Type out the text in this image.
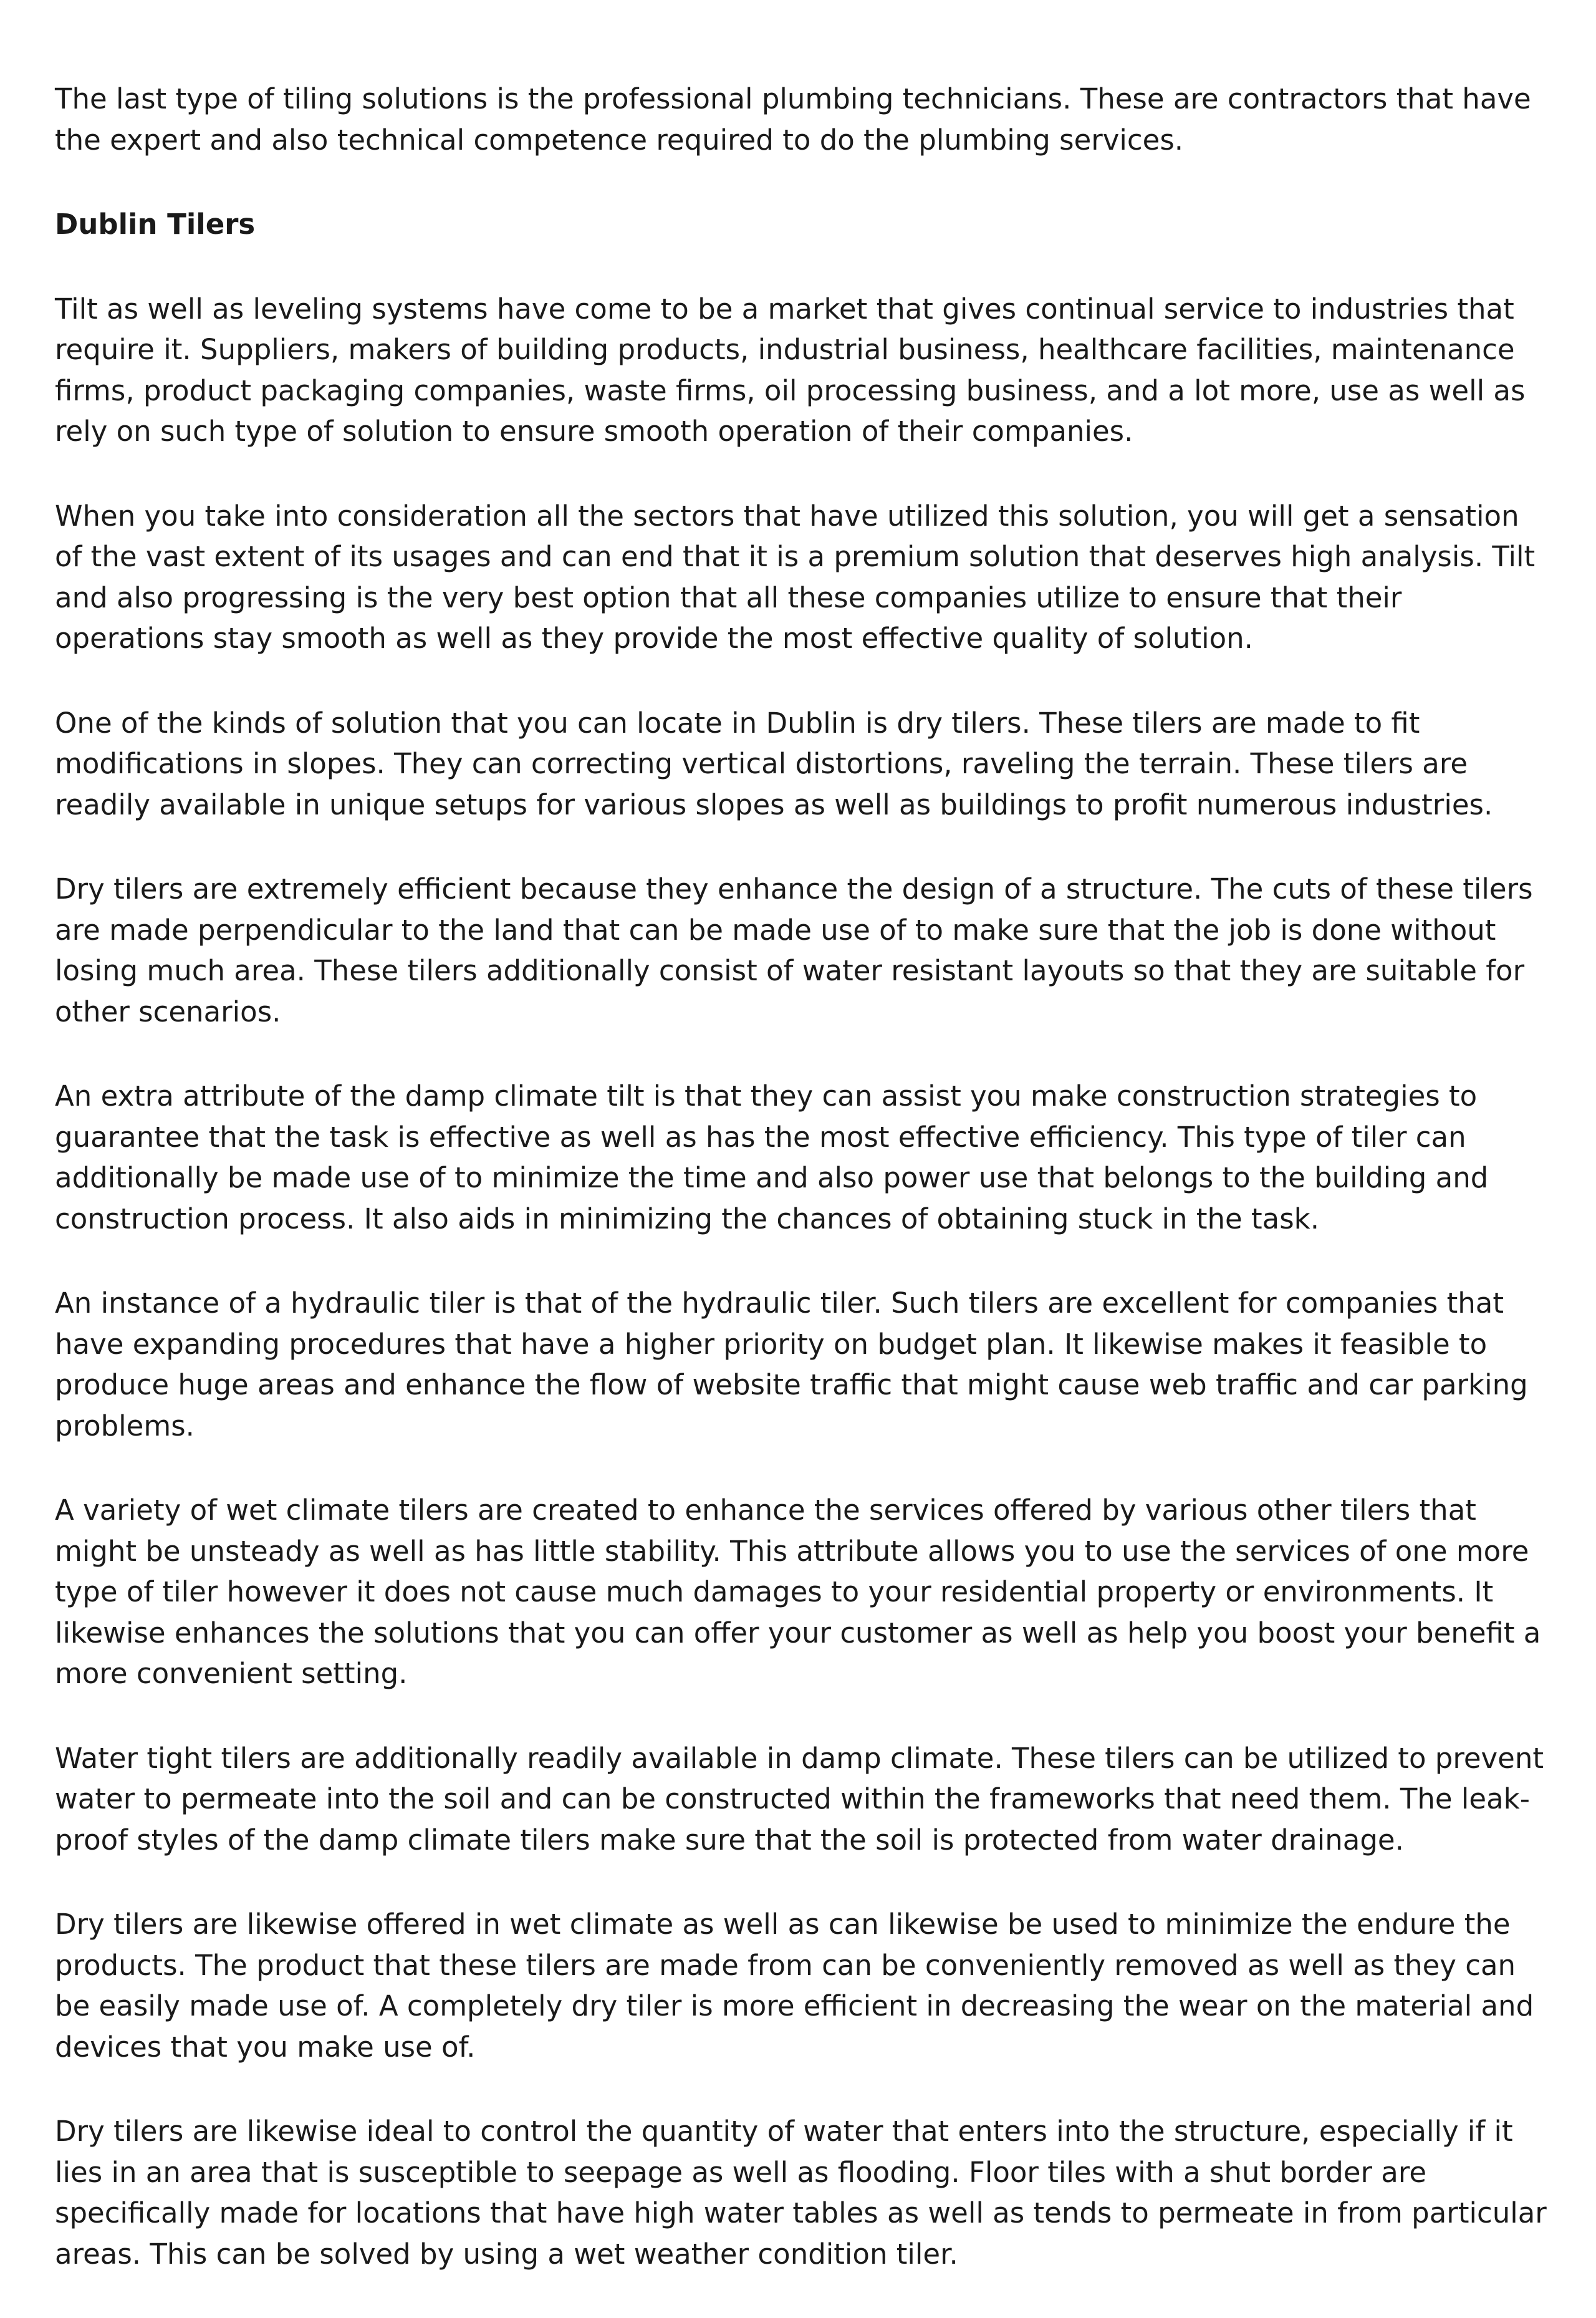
The last type of tiling solutions is the professional plumbing technicians. These are contractors that have the expert and also technical competence required to do the plumbing services.

Dublin Tilers

Tilt as well as leveling systems have come to be a market that gives continual service to industries that require it. Suppliers, makers of building products, industrial business, healthcare facilities, maintenance firms, product packaging companies, waste firms, oil processing business, and a lot more, use as well as rely on such type of solution to ensure smooth operation of their companies.

When you take into consideration all the sectors that have utilized this solution, you will get a sensation of the vast extent of its usages and can end that it is a premium solution that deserves high analysis. Tilt and also progressing is the very best option that all these companies utilize to ensure that their operations stay smooth as well as they provide the most effective quality of solution.

One of the kinds of solution that you can locate in Dublin is dry tilers. These tilers are made to fit modifications in slopes. They can correcting vertical distortions, raveling the terrain. These tilers are readily available in unique setups for various slopes as well as buildings to profit numerous industries.

Dry tilers are extremely efficient because they enhance the design of a structure. The cuts of these tilers are made perpendicular to the land that can be made use of to make sure that the job is done without losing much area. These tilers additionally consist of water resistant layouts so that they are suitable for other scenarios.

An extra attribute of the damp climate tilt is that they can assist you make construction strategies to guarantee that the task is effective as well as has the most effective efficiency. This type of tiler can additionally be made use of to minimize the time and also power use that belongs to the building and construction process. It also aids in minimizing the chances of obtaining stuck in the task.

An instance of a hydraulic tiler is that of the hydraulic tiler. Such tilers are excellent for companies that have expanding procedures that have a higher priority on budget plan. It likewise makes it feasible to produce huge areas and enhance the flow of website traffic that might cause web traffic and car parking problems.

A variety of wet climate tilers are created to enhance the services offered by various other tilers that might be unsteady as well as has little stability. This attribute allows you to use the services of one more type of tiler however it does not cause much damages to your residential property or environments. It likewise enhances the solutions that you can offer your customer as well as help you boost your benefit a more convenient setting.

Water tight tilers are additionally readily available in damp climate. These tilers can be utilized to prevent water to permeate into the soil and can be constructed within the frameworks that need them. The leak-proof styles of the damp climate tilers make sure that the soil is protected from water drainage.

Dry tilers are likewise offered in wet climate as well as can likewise be used to minimize the endure the products. The product that these tilers are made from can be conveniently removed as well as they can be easily made use of. A completely dry tiler is more efficient in decreasing the wear on the material and devices that you make use of.

Dry tilers are likewise ideal to control the quantity of water that enters into the structure, especially if it lies in an area that is susceptible to seepage as well as flooding. Floor tiles with a shut border are specifically made for locations that have high water tables as well as tends to permeate in from particular areas. This can be solved by using a wet weather condition tiler.
